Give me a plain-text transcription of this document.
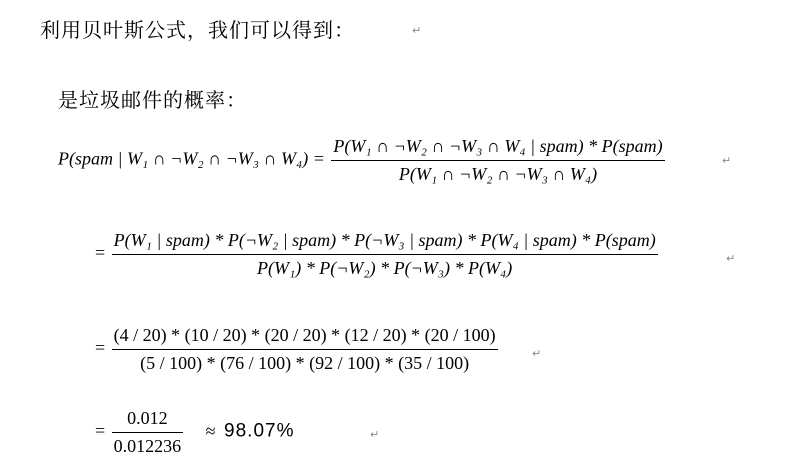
利用贝叶斯公式，我们可以得到：	↵
是垃圾邮件的概率：
P(spam | W₁ ∩ ¬W₂ ∩ ¬W₃ ∩ $W_4) = \frac{\text{P(W₁ ∩ ¬W₂ ∩ ¬W₃ ∩ W₄ | spam) * P(spam)}}{\text{P(W₁ ∩ ¬W₂ ∩ ¬W₃ ∩ W₄)}}$	↵
=
P(W₁ | spam) * P(¬W₂ | spam) * P(¬W₃ | spam) * P(W₄ | spam) * P(spam)
P(W₁) * P(¬W₂) * P(¬W₃) * P(W₄)	↵
= $\frac{(4 / 20) * (10 / 20) * (20 / 20) * (12 / 20) * (20 / 100)}{(5 / 100) * (76 / 100) * (92 / 100) * (35 / 100)}$	↵
= $\frac{0.012}{0.012236} \approx 98.07\%$	↵
